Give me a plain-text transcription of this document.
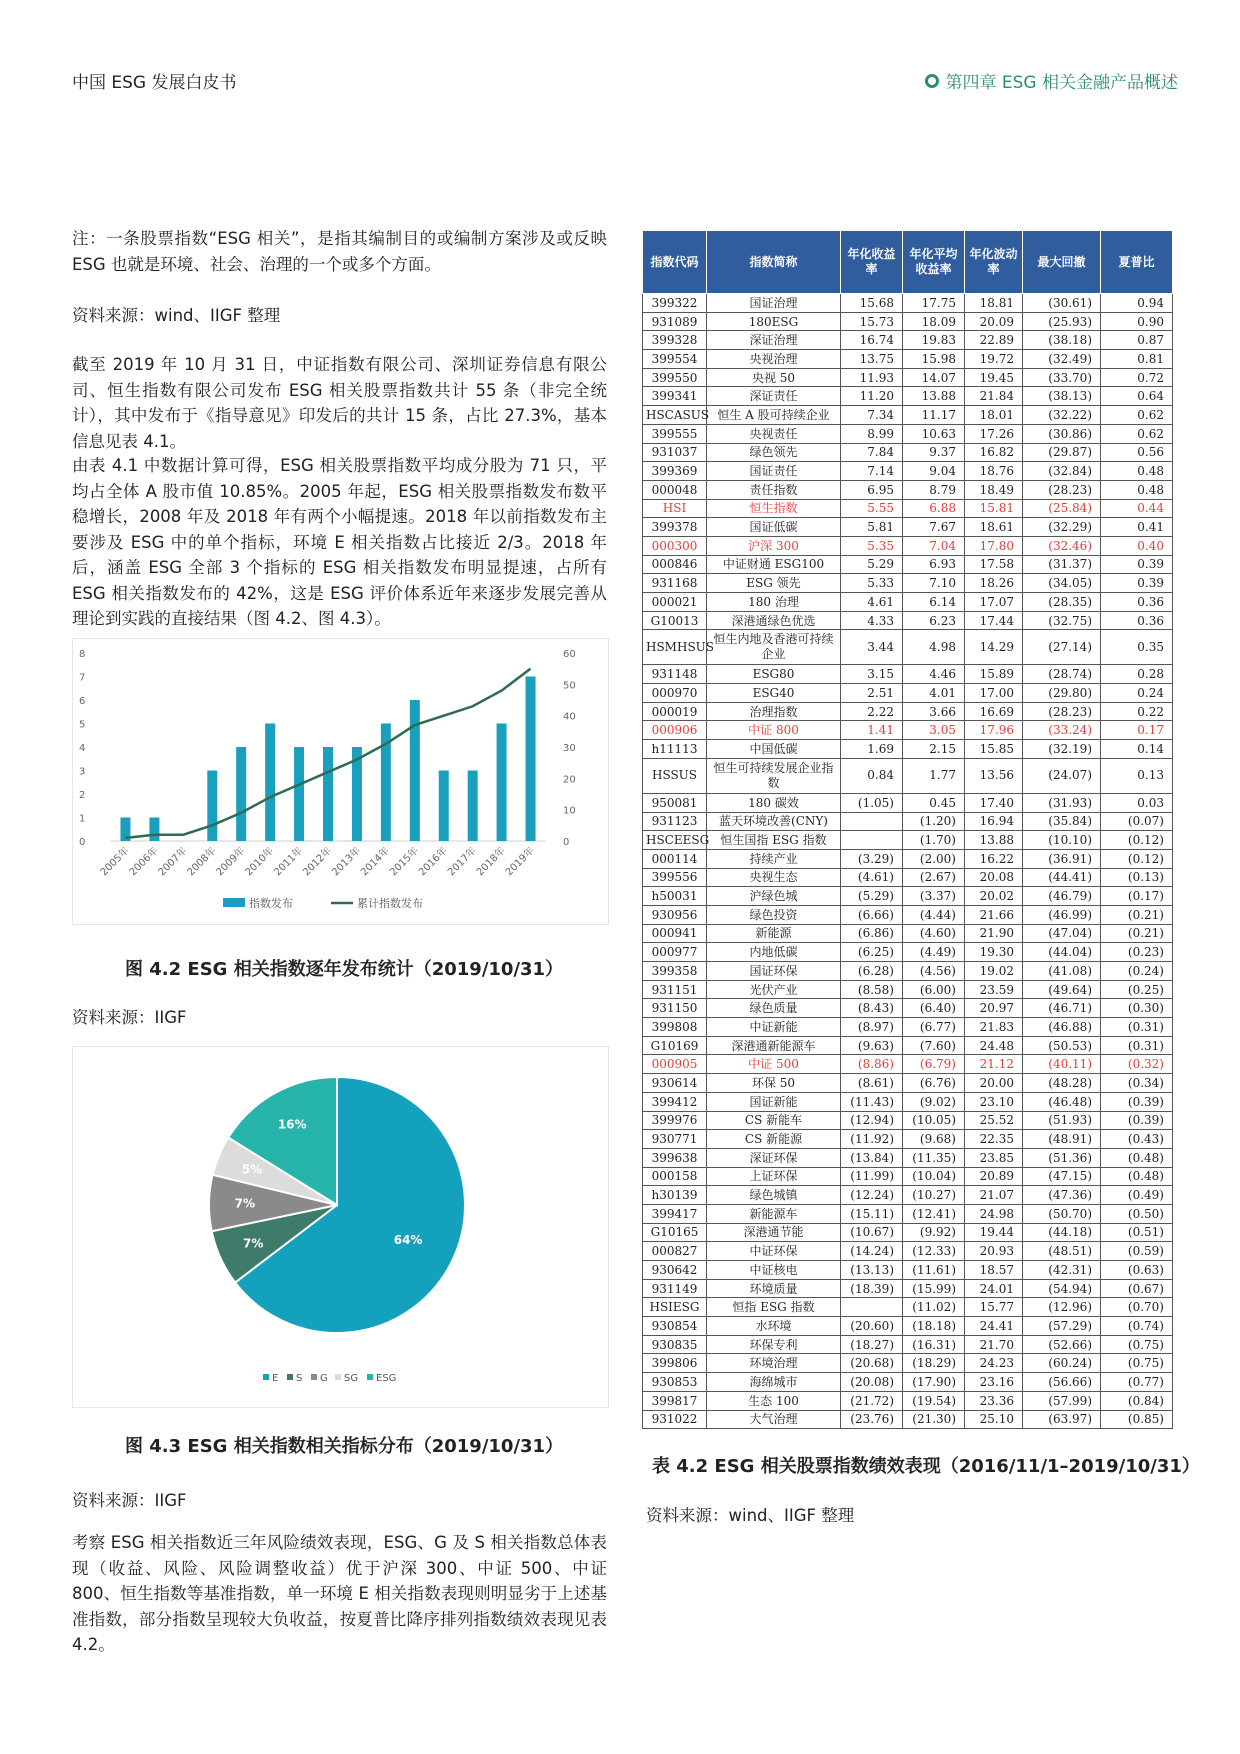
中国 ESG 发展白皮书	第四章 ESG 相关金融产品概述
注：一条股票指数“ESG 相关”，是指其编制目的或编制方案涉及或反映 ESG 也就是环境、社会、治理的一个或多个方面。
资料来源：wind、IIGF 整理
截至 2019 年 10 月 31 日，中证指数有限公司、深圳证券信息有限公司、恒生指数有限公司发布 ESG 相关股票指数共计 55 条（非完全统计），其中发布于《指导意见》印发后的共计 15 条，占比 27.3%，基本信息见表 4.1。
由表 4.1 中数据计算可得，ESG 相关股票指数平均成分股为 71 只，平均占全体 A 股市值 10.85%。2005 年起，ESG 相关股票指数发布数平稳增长，2008 年及 2018 年有两个小幅提速。2018 年以前指数发布主要涉及 ESG 中的单个指标，环境 E 相关指数占比接近 2/3。2018 年后，涵盖 ESG 全部 3 个指标的 ESG 相关指数发布明显提速，占所有 ESG 相关指数发布的 42%，这是 ESG 评价体系近年来逐步发展完善从理论到实践的直接结果（图 4.2、图 4.3）。
0
1
2
3
4
5
6
7
8
0
10
20
30
40
50
60
2005年
2006年
2007年
2008年
2009年
2010年
2011年
2012年
2013年
2014年
2015年
2016年
2017年
2018年
2019年
指数发布	累计指数发布
图 4.2 ESG 相关指数逐年发布统计（2019/10/31）
资料来源：IIGF
64%
7%
7%
5%
16%
E S G SG ESG
图 4.3 ESG 相关指数相关指标分布（2019/10/31）
资料来源：IIGF
考察 ESG 相关指数近三年风险绩效表现，ESG、G 及 S 相关指数总体表现（收益、风险、风险调整收益）优于沪深 300、中证 500、中证 800、恒生指数等基准指数，单一环境 E 相关指数表现则明显劣于上述基准指数，部分指数呈现较大负收益，按夏普比降序排列指数绩效表现见表 4.2。
指数代码	指数简称	年化收益率	年化平均收益率	年化波动率	最大回撤	夏普比
399322	国证治理	15.68	17.75	18.81	(30.61)	0.94
931089	180ESG	15.73	18.09	20.09	(25.93)	0.90
399328	深证治理	16.74	19.83	22.89	(38.18)	0.87
399554	央视治理	13.75	15.98	19.72	(32.49)	0.81
399550	央视 50	11.93	14.07	19.45	(33.70)	0.72
399341	深证责任	11.20	13.88	21.84	(38.13)	0.64
HSCASUS	恒生 A 股可持续企业	7.34	11.17	18.01	(32.22)	0.62
399555	央视责任	8.99	10.63	17.26	(30.86)	0.62
931037	绿色领先	7.84	9.37	16.82	(29.87)	0.56
399369	国证责任	7.14	9.04	18.76	(32.84)	0.48
000048	责任指数	6.95	8.79	18.49	(28.23)	0.48
HSI	恒生指数	5.55	6.88	15.81	(25.84)	0.44
399378	国证低碳	5.81	7.67	18.61	(32.29)	0.41
000300	沪深 300	5.35	7.04	17.80	(32.46)	0.40
000846	中证财通 ESG100	5.29	6.93	17.58	(31.37)	0.39
931168	ESG 领先	5.33	7.10	18.26	(34.05)	0.39
000021	180 治理	4.61	6.14	17.07	(28.35)	0.36
G10013	深港通绿色优选	4.33	6.23	17.44	(32.75)	0.36
HSMHSUS	恒生内地及香港可持续企业	3.44	4.98	14.29	(27.14)	0.35
931148	ESG80	3.15	4.46	15.89	(28.74)	0.28
000970	ESG40	2.51	4.01	17.00	(29.80)	0.24
000019	治理指数	2.22	3.66	16.69	(28.23)	0.22
000906	中证 800	1.41	3.05	17.96	(33.24)	0.17
h11113	中国低碳	1.69	2.15	15.85	(32.19)	0.14
HSSUS	恒生可持续发展企业指数	0.84	1.77	13.56	(24.07)	0.13
950081	180 碳效	(1.05)	0.45	17.40	(31.93)	0.03
931123	蓝天环境改善(CNY)		(1.20)	16.94	(35.84)	(0.07)
HSCEESG	恒生国指 ESG 指数		(1.70)	13.88	(10.10)	(0.12)
000114	持续产业	(3.29)	(2.00)	16.22	(36.91)	(0.12)
399556	央视生态	(4.61)	(2.67)	20.08	(44.41)	(0.13)
h50031	沪绿色城	(5.29)	(3.37)	20.02	(46.79)	(0.17)
930956	绿色投资	(6.66)	(4.44)	21.66	(46.99)	(0.21)
000941	新能源	(6.86)	(4.60)	21.90	(47.04)	(0.21)
000977	内地低碳	(6.25)	(4.49)	19.30	(44.04)	(0.23)
399358	国证环保	(6.28)	(4.56)	19.02	(41.08)	(0.24)
931151	光伏产业	(8.58)	(6.00)	23.59	(49.64)	(0.25)
931150	绿色质量	(8.43)	(6.40)	20.97	(46.71)	(0.30)
399808	中证新能	(8.97)	(6.77)	21.83	(46.88)	(0.31)
G10169	深港通新能源车	(9.63)	(7.60)	24.48	(50.53)	(0.31)
000905	中证 500	(8.86)	(6.79)	21.12	(40.11)	(0.32)
930614	环保 50	(8.61)	(6.76)	20.00	(48.28)	(0.34)
399412	国证新能	(11.43)	(9.02)	23.10	(46.48)	(0.39)
399976	CS 新能车	(12.94)	(10.05)	25.52	(51.93)	(0.39)
930771	CS 新能源	(11.92)	(9.68)	22.35	(48.91)	(0.43)
399638	深证环保	(13.84)	(11.35)	23.85	(51.36)	(0.48)
000158	上证环保	(11.99)	(10.04)	20.89	(47.15)	(0.48)
h30139	绿色城镇	(12.24)	(10.27)	21.07	(47.36)	(0.49)
399417	新能源车	(15.11)	(12.41)	24.98	(50.70)	(0.50)
G10165	深港通节能	(10.67)	(9.92)	19.44	(44.18)	(0.51)
000827	中证环保	(14.24)	(12.33)	20.93	(48.51)	(0.59)
930642	中证核电	(13.13)	(11.61)	18.57	(42.31)	(0.63)
931149	环境质量	(18.39)	(15.99)	24.01	(54.94)	(0.67)
HSIESG	恒指 ESG 指数		(11.02)	15.77	(12.96)	(0.70)
930854	水环境	(20.60)	(18.18)	24.41	(57.29)	(0.74)
930835	环保专利	(18.27)	(16.31)	21.70	(52.66)	(0.75)
399806	环境治理	(20.68)	(18.29)	24.23	(60.24)	(0.75)
930853	海绵城市	(20.08)	(17.90)	23.16	(56.66)	(0.77)
399817	生态 100	(21.72)	(19.54)	23.36	(57.99)	(0.84)
931022	大气治理	(23.76)	(21.30)	25.10	(63.97)	(0.85)
表 4.2 ESG 相关股票指数绩效表现（2016/11/1–2019/10/31）
资料来源：wind、IIGF 整理
